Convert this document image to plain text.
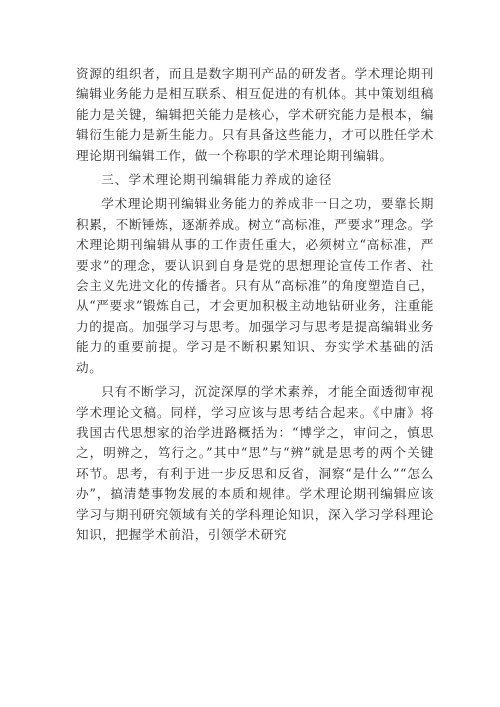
资源的组织者，而且是数字期刊产品的研发者。学术理论期刊编辑业务能力是相互联系、相互促进的有机体。其中策划组稿能力是关键，编辑把关能力是核心，学术研究能力是根本，编辑衍生能力是新生能力。只有具备这些能力，才可以胜任学术理论期刊编辑工作，做一个称职的学术理论期刊编辑。

三、学术理论期刊编辑能力养成的途径

学术理论期刊编辑业务能力的养成非一日之功，要靠长期积累，不断锤炼，逐渐养成。树立“高标准，严要求”理念。学术理论期刊编辑从事的工作责任重大，必须树立“高标准，严要求”的理念，要认识到自身是党的思想理论宣传工作者、社会主义先进文化的传播者。只有从“高标准”的角度塑造自己，从“严要求”锻炼自己，才会更加积极主动地钻研业务，注重能力的提高。加强学习与思考。加强学习与思考是提高编辑业务能力的重要前提。学习是不断积累知识、夯实学术基础的活动。

只有不断学习，沉淀深厚的学术素养，才能全面透彻审视学术理论文稿。同样，学习应该与思考结合起来。《中庸》将我国古代思想家的治学进路概括为：“博学之，审问之，慎思之，明辨之，笃行之。”其中“思”与“辨”就是思考的两个关键环节。思考，有利于进一步反思和反省，洞察“是什么”“怎么办”，搞清楚事物发展的本质和规律。学术理论期刊编辑应该学习与期刊研究领域有关的学科理论知识，深入学习学科理论知识，把握学术前沿，引领学术研究
